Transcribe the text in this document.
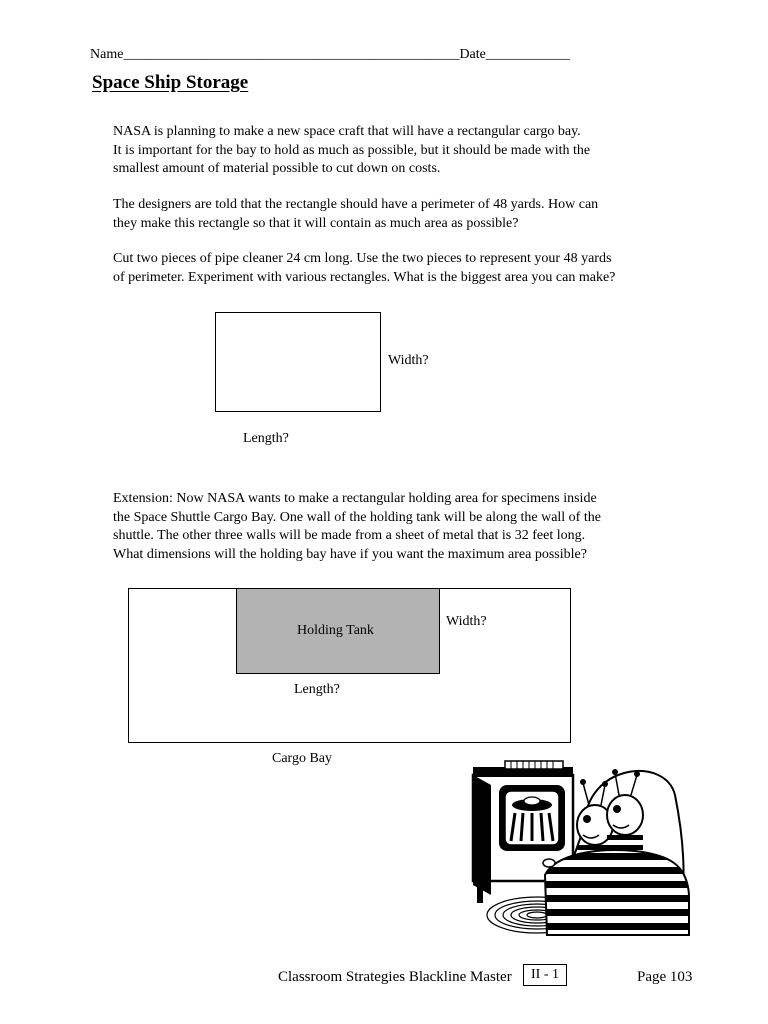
Name________________________________________________Date____________
Space Ship Storage
NASA is planning to make a new space craft that will have a rectangular cargo bay.
It is important for the bay to hold as much as possible, but it should be made with the
smallest amount of material possible to cut down on costs.
The designers are told that the rectangle should have a perimeter of 48 yards. How can
they make this rectangle so that it will contain as much area as possible?
Cut two pieces of pipe cleaner 24 cm long. Use the two pieces to represent your 48 yards
of perimeter. Experiment with various rectangles. What is the biggest area you can make?
Width?
Length?
Extension: Now NASA wants to make a rectangular holding area for specimens inside
the Space Shuttle Cargo Bay. One wall of the holding tank will be along the wall of the
shuttle. The other three walls will be made from a sheet of metal that is 32 feet long.
What dimensions will the holding bay have if you want the maximum area possible?
Holding Tank
Width?
Length?
Cargo Bay
Classroom Strategies Blackline Master	II - 1	Page 103
